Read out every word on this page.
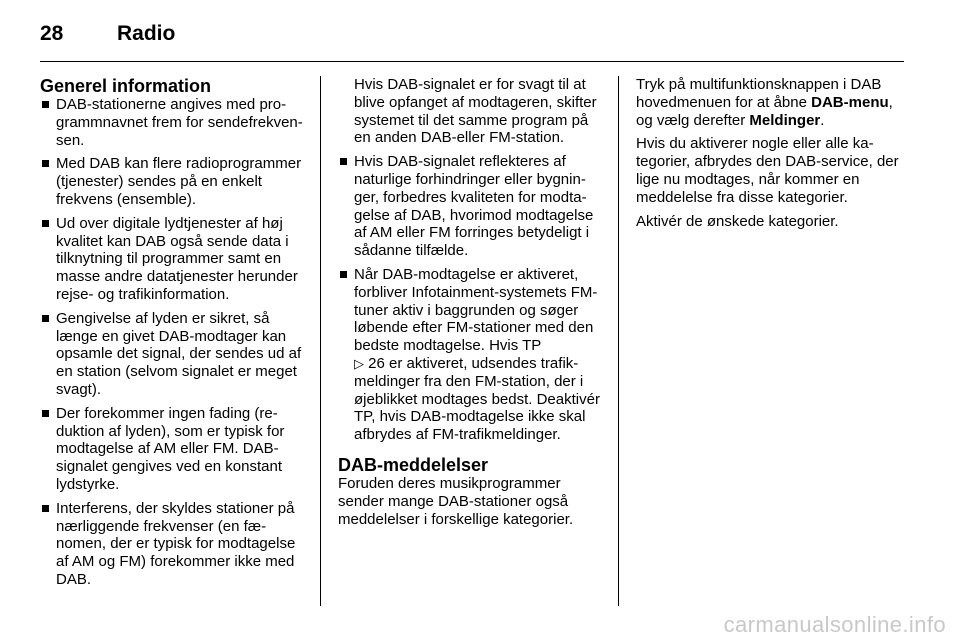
28	Radio
Generel information
DAB-stationerne angives med programmnavnet frem for sendefrekvensen.
Med DAB kan flere radioprogrammer (tjenester) sendes på en enkelt frekvens (ensemble).
Ud over digitale lydtjenester af høj kvalitet kan DAB også sende data i tilknytning til programmer samt en masse andre datatjenester herunder rejse- og trafikinformation.
Gengivelse af lyden er sikret, så længe en givet DAB-modtager kan opsamle det signal, der sendes ud af en station (selvom signalet er meget svagt).
Der forekommer ingen fading (reduktion af lyden), som er typisk for modtagelse af AM eller FM. DAB-signalet gengives ved en konstant lydstyrke.
Interferens, der skyldes stationer på nærliggende frekvenser (en fænomen, der er typisk for modtagelse af AM og FM) forekommer ikke med DAB.

Hvis DAB-signalet er for svagt til at blive opfanget af modtageren, skifter systemet til det samme program på en anden DAB-eller FM-station.

Hvis DAB-signalet reflekteres af naturlige forhindringer eller bygninger, forbedres kvaliteten for modtagelse af DAB, hvorimod modtagelse af AM eller FM forringes betydeligt i sådanne tilfælde.
Når DAB-modtagelse er aktiveret, forbliver Infotainment-systemets FM-tuner aktiv i baggrunden og søger løbende efter FM-stationer med den bedste modtagelse. Hvis TP
▷ 26 er aktiveret, udsendes trafikmeldinger fra den FM-station, der i øjeblikket modtages bedst. Deaktivér TP, hvis DAB-modtagelse ikke skal afbrydes af FM-trafikmeldinger.
DAB-meddelelser

Foruden deres musikprogrammer sender mange DAB-stationer også meddelelser i forskellige kategorier.

Tryk på multifunktionsknappen i DAB hovedmenuen for at åbne DAB-menu, og vælg derefter Meldinger.

Hvis du aktiverer nogle eller alle kategorier, afbrydes den DAB-service, der lige nu modtages, når kommer en meddelelse fra disse kategorier.

Aktivér de ønskede kategorier.

carmanualsonline.info
